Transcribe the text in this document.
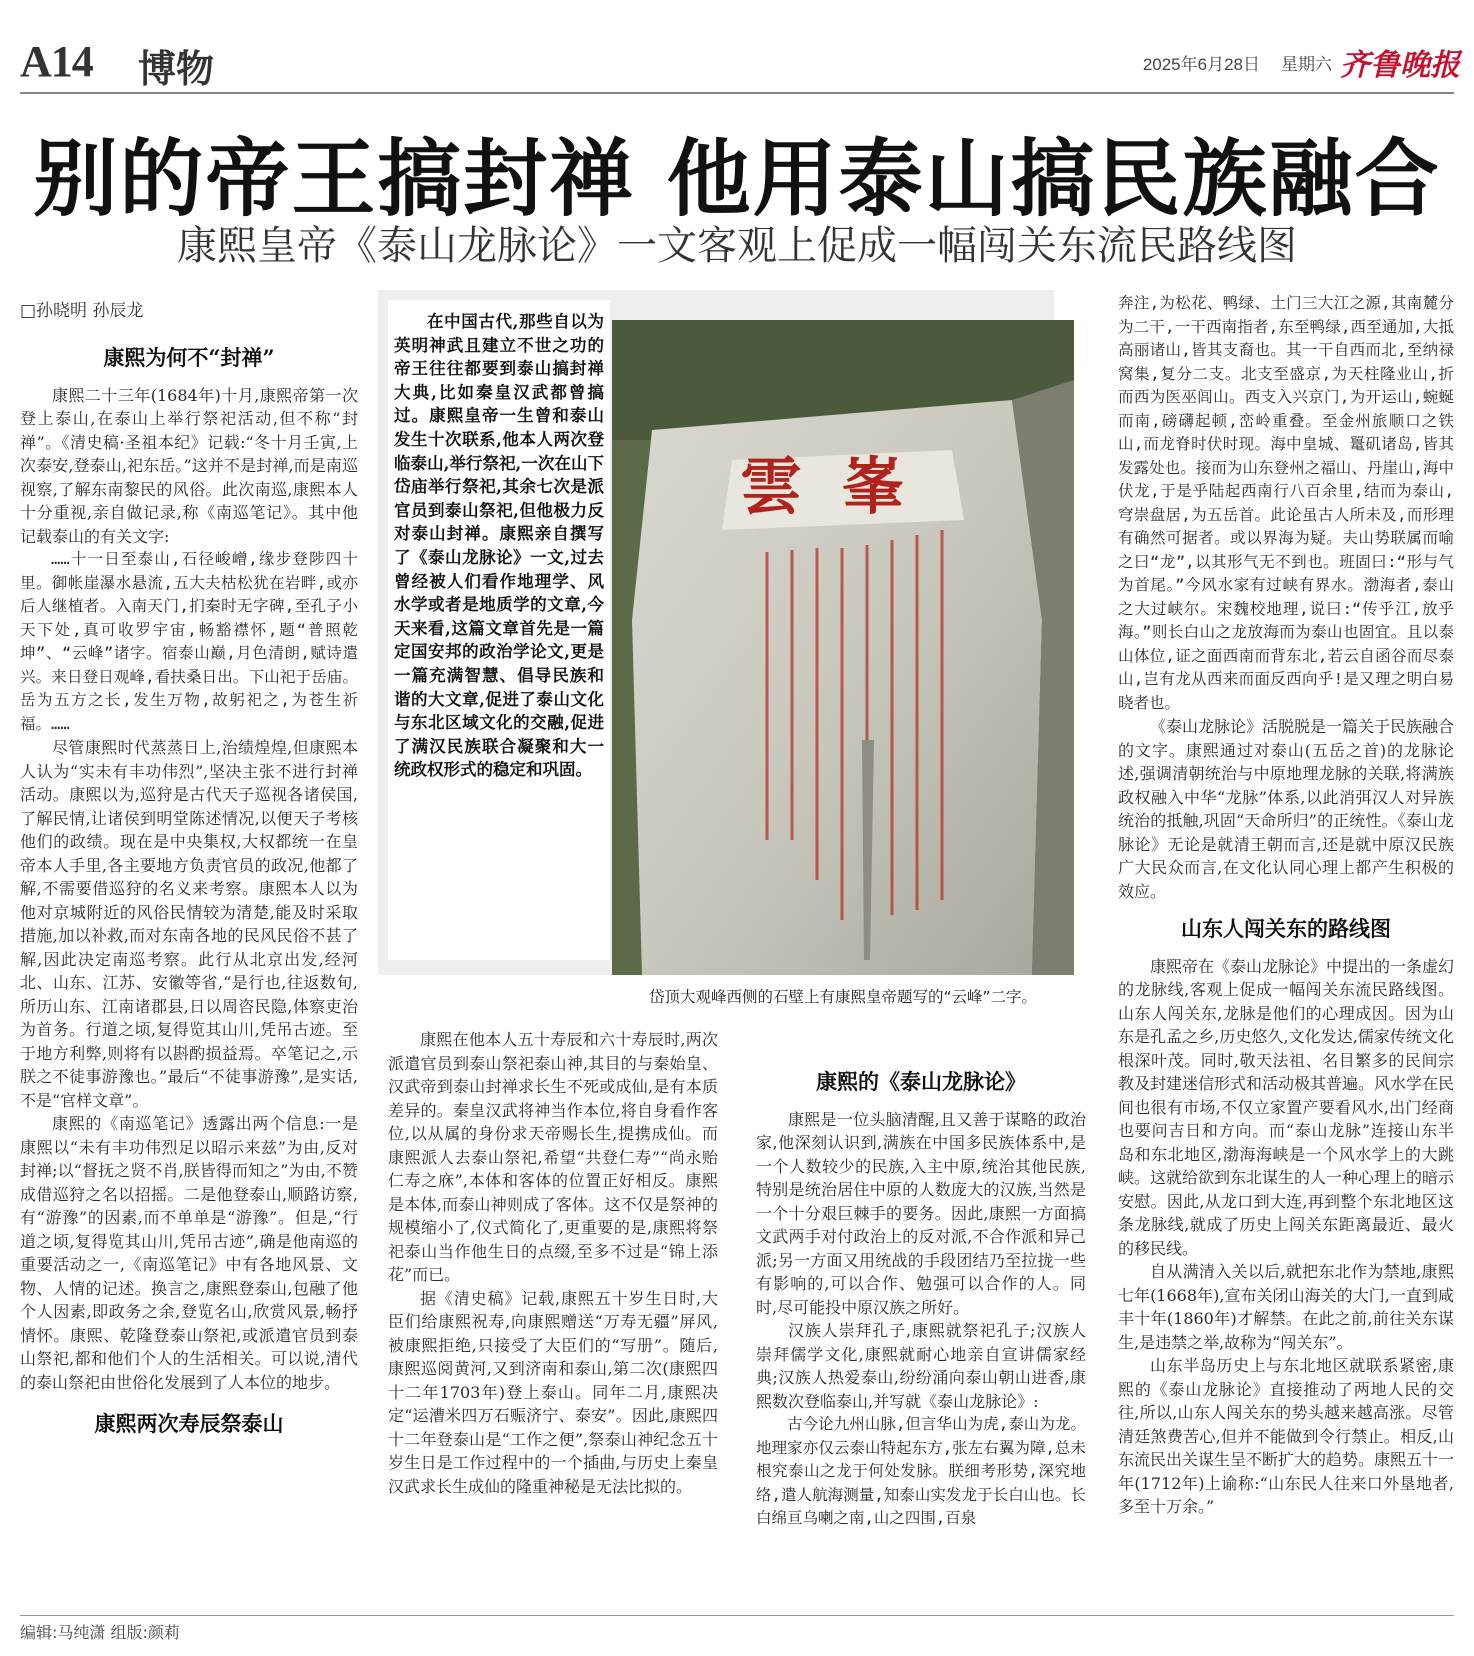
A14 博物	2025年6月28日 星期六 齐鲁晚报
别的帝王搞封禅 他用泰山搞民族融合
康熙皇帝《泰山龙脉论》一文客观上促成一幅闯关东流民路线图
□孙晓明 孙辰龙
康熙为何不“封禅”

康熙二十三年(1684年)十月,康熙帝第一次登上泰山,在泰山上举行祭祀活动,但不称“封禅”。《清史稿·圣祖本纪》记载:“冬十月壬寅,上次泰安,登泰山,祀东岳。”这并不是封禅,而是南巡视察,了解东南黎民的风俗。此次南巡,康熙本人十分重视,亲自做记录,称《南巡笔记》。其中他记载泰山的有关文字:

……十一日至泰山,石径峻嶒,缘步登陟四十里。御帐崖瀑水悬流,五大夫枯松犹在岩畔,或亦后人继植者。入南天门,扪秦时无字碑,至孔子小天下处,真可收罗宇宙,畅豁襟怀,题“普照乾坤”、“云峰”诸字。宿泰山巅,月色清朗,赋诗遣兴。来日登日观峰,看扶桑日出。下山祀于岳庙。岳为五方之长,发生万物,故躬祀之,为苍生祈福。……

尽管康熙时代蒸蒸日上,治绩煌煌,但康熙本人认为“实未有丰功伟烈”,坚决主张不进行封禅活动。康熙以为,巡狩是古代天子巡视各诸侯国,了解民情,让诸侯到明堂陈述情况,以便天子考核他们的政绩。现在是中央集权,大权都统一在皇帝本人手里,各主要地方负责官员的政况,他都了解,不需要借巡狩的名义来考察。康熙本人以为他对京城附近的风俗民情较为清楚,能及时采取措施,加以补救,而对东南各地的民风民俗不甚了解,因此决定南巡考察。此行从北京出发,经河北、山东、江苏、安徽等省,“是行也,往返数旬,所历山东、江南诸郡县,日以周咨民隐,体察吏治为首务。行道之顷,复得览其山川,凭吊古迹。至于地方利弊,则将有以斟酌损益焉。卒笔记之,示朕之不徒事游豫也。”最后“不徒事游豫”,是实话,不是“官样文章”。

康熙的《南巡笔记》透露出两个信息:一是康熙以“未有丰功伟烈足以昭示来兹”为由,反对封禅;以“督抚之贤不肖,朕皆得而知之”为由,不赞成借巡狩之名以招摇。二是他登泰山,顺路访察,有“游豫”的因素,而不单单是“游豫”。但是,“行道之顷,复得览其山川,凭吊古迹”,确是他南巡的重要活动之一,《南巡笔记》中有各地风景、文物、人情的记述。换言之,康熙登泰山,包融了他个人因素,即政务之余,登览名山,欣赏风景,畅抒情怀。康熙、乾隆登泰山祭祀,或派遣官员到泰山祭祀,都和他们个人的生活相关。可以说,清代的泰山祭祀由世俗化发展到了人本位的地步。

康熙两次寿辰祭泰山

在中国古代,那些自以为英明神武且建立不世之功的帝王往往都要到泰山搞封禅大典,比如秦皇汉武都曾搞过。康熙皇帝一生曾和泰山发生十次联系,他本人两次登临泰山,举行祭祀,一次在山下岱庙举行祭祀,其余七次是派官员到泰山祭祀,但他极力反对泰山封禅。康熙亲自撰写了《泰山龙脉论》一文,过去曾经被人们看作地理学、风水学或者是地质学的文章,今天来看,这篇文章首先是一篇定国安邦的政治学论文,更是一篇充满智慧、倡导民族和谐的大文章,促进了泰山文化与东北区域文化的交融,促进了满汉民族联合凝聚和大一统政权形式的稳定和巩固。

雲峯
岱顶大观峰西侧的石壁上有康熙皇帝题写的“云峰”二字。

康熙在他本人五十寿辰和六十寿辰时,两次派遣官员到泰山祭祀泰山神,其目的与秦始皇、汉武帝到泰山封禅求长生不死或成仙,是有本质差异的。秦皇汉武将神当作本位,将自身看作客位,以从属的身份求天帝赐长生,提携成仙。而康熙派人去泰山祭祀,希望“共登仁寿”“尚永贻仁寿之庥”,本体和客体的位置正好相反。康熙是本体,而泰山神则成了客体。这不仅是祭神的规模缩小了,仪式简化了,更重要的是,康熙将祭祀泰山当作他生日的点缀,至多不过是“锦上添花”而已。

据《清史稿》记载,康熙五十岁生日时,大臣们给康熙祝寿,向康熙赠送“万寿无疆”屏风,被康熙拒绝,只接受了大臣们的“写册”。随后,康熙巡阅黄河,又到济南和泰山,第二次(康熙四十二年1703年)登上泰山。同年二月,康熙决定“运漕米四万石赈济宁、泰安”。因此,康熙四十二年登泰山是“工作之便”,祭泰山神纪念五十岁生日是工作过程中的一个插曲,与历史上秦皇汉武求长生成仙的隆重神秘是无法比拟的。

康熙的《泰山龙脉论》

康熙是一位头脑清醒,且又善于谋略的政治家,他深刻认识到,满族在中国多民族体系中,是一个人数较少的民族,入主中原,统治其他民族,特别是统治居住中原的人数庞大的汉族,当然是一个十分艰巨棘手的要务。因此,康熙一方面搞文武两手对付政治上的反对派,不合作派和异己派;另一方面又用统战的手段团结乃至拉拢一些有影响的,可以合作、勉强可以合作的人。同时,尽可能投中原汉族之所好。

汉族人崇拜孔子,康熙就祭祀孔子;汉族人崇拜儒学文化,康熙就耐心地亲自宣讲儒家经典;汉族人热爱泰山,纷纷涌向泰山朝山进香,康熙数次登临泰山,并写就《泰山龙脉论》:

古今论九州山脉,但言华山为虎,泰山为龙。地理家亦仅云泰山特起东方,张左右翼为障,总未根究泰山之龙于何处发脉。朕细考形势,深究地络,遣人航海测量,知泰山实发龙于长白山也。长白绵亘乌喇之南,山之四围,百泉

奔注,为松花、鸭绿、土门三大江之源,其南麓分为二干,一干西南指者,东至鸭绿,西至通加,大抵高丽诸山,皆其支裔也。其一干自西而北,至纳禄窝集,复分二支。北支至盛京,为天柱隆业山,折而西为医巫闾山。西支入兴京门,为开运山,蜿蜒而南,磅礴起顿,峦岭重叠。至金州旅顺口之铁山,而龙脊时伏时现。海中皇城、鼍矶诸岛,皆其发露处也。接而为山东登州之福山、丹崖山,海中伏龙,于是乎陆起西南行八百余里,结而为泰山,穹崇盘居,为五岳首。此论虽古人所未及,而形理有确然可据者。或以界海为疑。夫山势联属而喻之曰“龙”,以其形气无不到也。班固曰:“形与气为首尾。”今风水家有过峡有界水。渤海者,泰山之大过峡尔。宋魏校地理,说曰:“传乎江,放乎海。”则长白山之龙放海而为泰山也固宜。且以泰山体位,证之面西南而背东北,若云自函谷而尽泰山,岂有龙从西来而面反西向乎!是又理之明白易晓者也。

《泰山龙脉论》活脱脱是一篇关于民族融合的文字。康熙通过对泰山(五岳之首)的龙脉论述,强调清朝统治与中原地理龙脉的关联,将满族政权融入中华“龙脉”体系,以此消弭汉人对异族统治的抵触,巩固“天命所归”的正统性。《泰山龙脉论》无论是就清王朝而言,还是就中原汉民族广大民众而言,在文化认同心理上都产生积极的效应。

山东人闯关东的路线图

康熙帝在《泰山龙脉论》中提出的一条虚幻的龙脉线,客观上促成一幅闯关东流民路线图。山东人闯关东,龙脉是他们的心理成因。因为山东是孔孟之乡,历史悠久,文化发达,儒家传统文化根深叶茂。同时,敬天法祖、名目繁多的民间宗教及封建迷信形式和活动极其普遍。风水学在民间也很有市场,不仅立家置产要看风水,出门经商也要问吉日和方向。而“泰山龙脉”连接山东半岛和东北地区,渤海海峡是一个风水学上的大跳峡。这就给欲到东北谋生的人一种心理上的暗示安慰。因此,从龙口到大连,再到整个东北地区这条龙脉线,就成了历史上闯关东距离最近、最火的移民线。

自从满清入关以后,就把东北作为禁地,康熙七年(1668年),宣布关闭山海关的大门,一直到咸丰十年(1860年)才解禁。在此之前,前往关东谋生,是违禁之举,故称为“闯关东”。

山东半岛历史上与东北地区就联系紧密,康熙的《泰山龙脉论》直接推动了两地人民的交往,所以,山东人闯关东的势头越来越高涨。尽管清廷煞费苦心,但并不能做到令行禁止。相反,山东流民出关谋生呈不断扩大的趋势。康熙五十一年(1712年)上谕称:“山东民人往来口外垦地者,多至十万余。”

编辑:马纯潇 组版:颜莉
